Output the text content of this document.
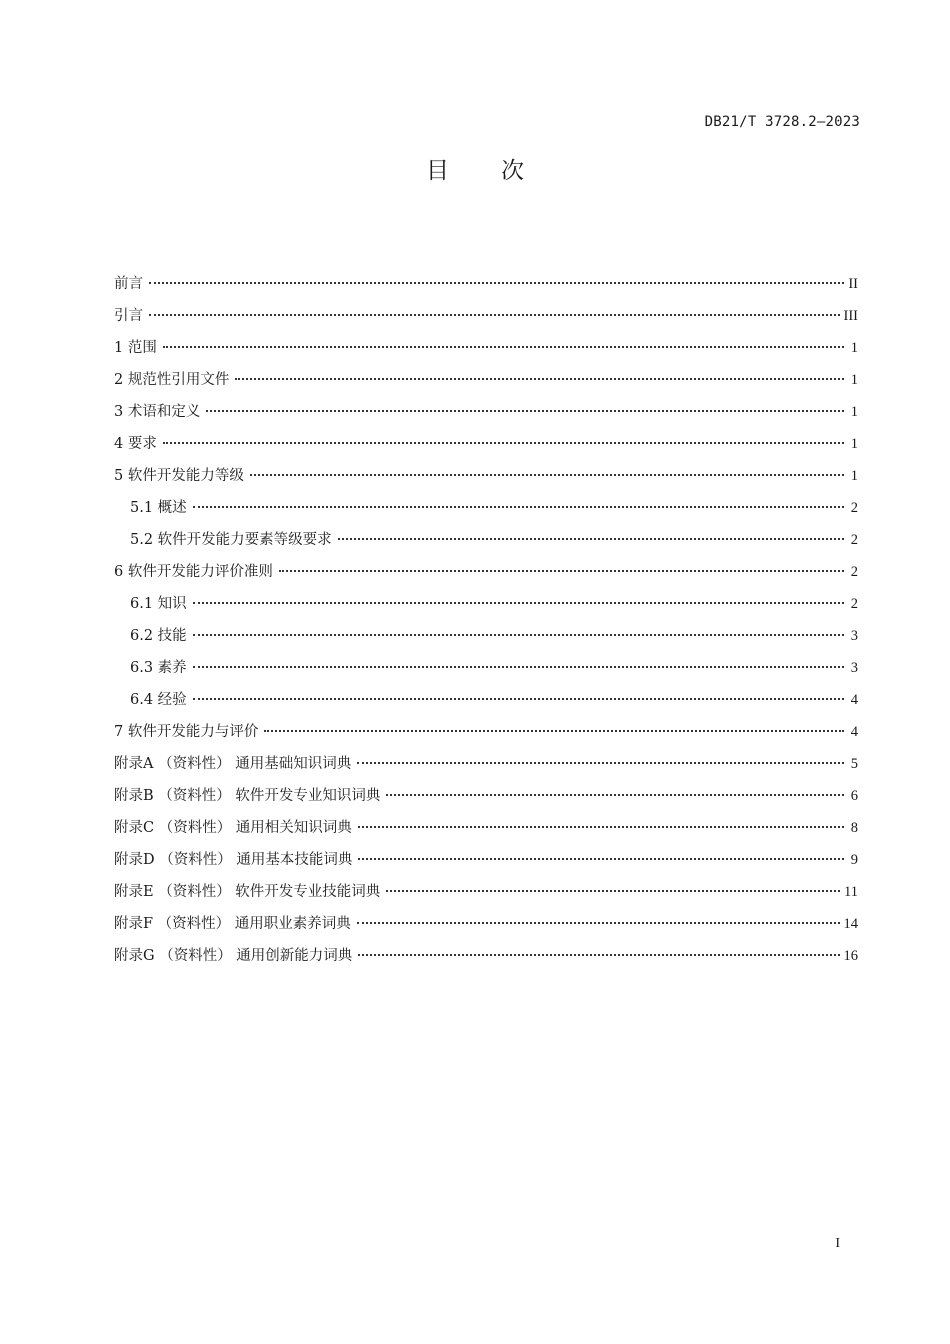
DB21/T 3728.2—2023
目次
前言	II
引言	III
1 范围	1
2 规范性引用文件	1
3 术语和定义	1
4 要求	1
5 软件开发能力等级	1
5.1 概述	2
5.2 软件开发能力要素等级要求	2
6 软件开发能力评价准则	2
6.1 知识	2
6.2 技能	3
6.3 素养	3
6.4 经验	4
7 软件开发能力与评价	4
附录A （资料性） 通用基础知识词典	5
附录B （资料性） 软件开发专业知识词典	6
附录C （资料性） 通用相关知识词典	8
附录D （资料性） 通用基本技能词典	9
附录E （资料性） 软件开发专业技能词典	11
附录F （资料性） 通用职业素养词典	14
附录G （资料性） 通用创新能力词典	16
I
